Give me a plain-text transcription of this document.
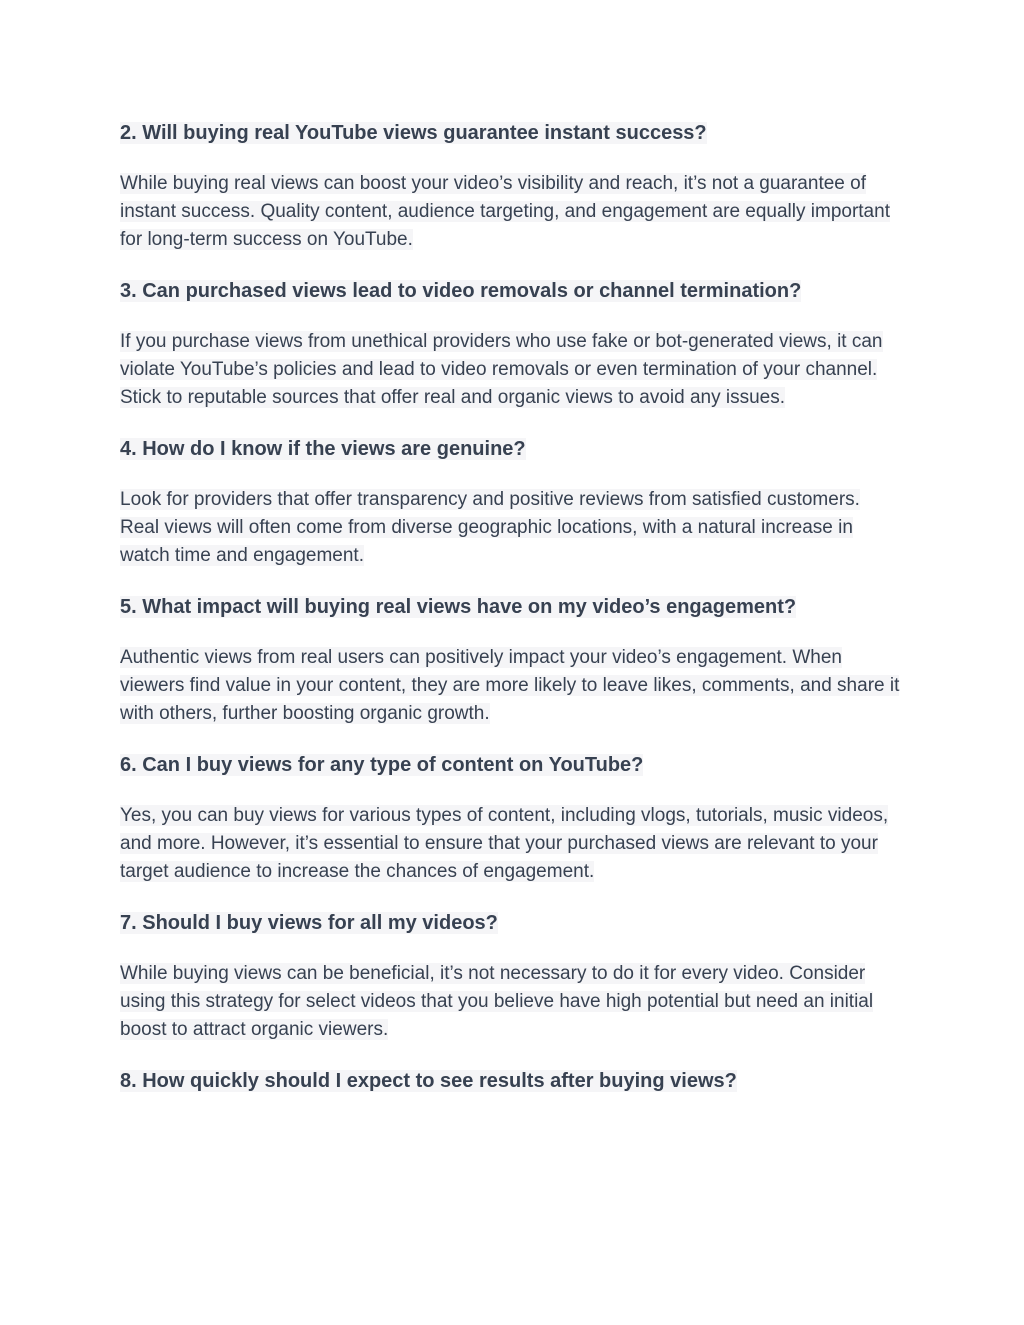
2. Will buying real YouTube views guarantee instant success?

While buying real views can boost your video’s visibility and reach, it’s not a guarantee of instant success. Quality content, audience targeting, and engagement are equally important for long-term success on YouTube.

3. Can purchased views lead to video removals or channel termination?

If you purchase views from unethical providers who use fake or bot-generated views, it can violate YouTube’s policies and lead to video removals or even termination of your channel. Stick to reputable sources that offer real and organic views to avoid any issues.

4. How do I know if the views are genuine?

Look for providers that offer transparency and positive reviews from satisfied customers. Real views will often come from diverse geographic locations, with a natural increase in watch time and engagement.

5. What impact will buying real views have on my video’s engagement?

Authentic views from real users can positively impact your video’s engagement. When viewers find value in your content, they are more likely to leave likes, comments, and share it with others, further boosting organic growth.

6. Can I buy views for any type of content on YouTube?

Yes, you can buy views for various types of content, including vlogs, tutorials, music videos, and more. However, it’s essential to ensure that your purchased views are relevant to your target audience to increase the chances of engagement.

7. Should I buy views for all my videos?

While buying views can be beneficial, it’s not necessary to do it for every video. Consider using this strategy for select videos that you believe have high potential but need an initial boost to attract organic viewers.

8. How quickly should I expect to see results after buying views?
